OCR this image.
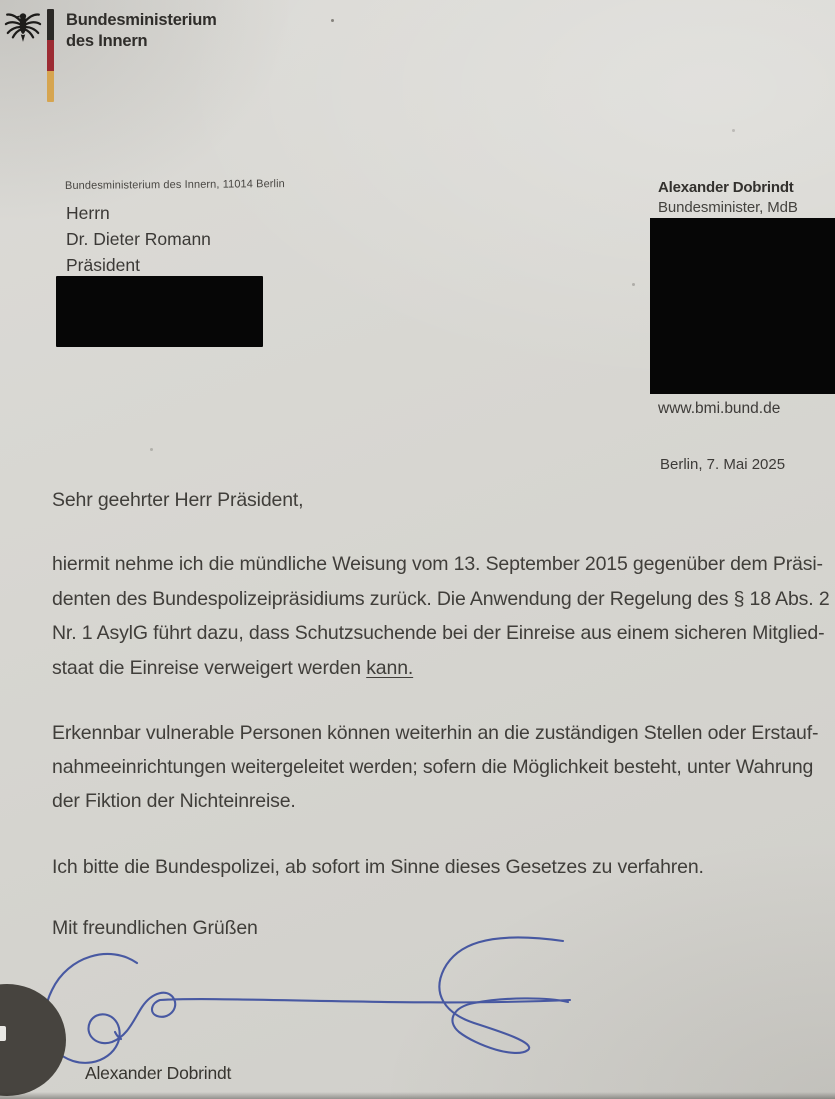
Bundesministerium
des Innern
Bundesministerium des Innern, 11014 Berlin
Herrn
Dr. Dieter Romann
Präsident
Alexander Dobrindt
Bundesminister, MdB
www.bmi.bund.de
Berlin, 7. Mai 2025
Sehr geehrter Herr Präsident,
hiermit nehme ich die mündliche Weisung vom 13. September 2015 gegenüber dem Präsi-
denten des Bundespolizeipräsidiums zurück. Die Anwendung der Regelung des § 18 Abs. 2
Nr. 1 AsylG führt dazu, dass Schutzsuchende bei der Einreise aus einem sicheren Mitglied-
staat die Einreise verweigert werden kann.
Erkennbar vulnerable Personen können weiterhin an die zuständigen Stellen oder Erstauf-
nahmeeinrichtungen weitergeleitet werden; sofern die Möglichkeit besteht, unter Wahrung
der Fiktion der Nichteinreise.
Ich bitte die Bundespolizei, ab sofort im Sinne dieses Gesetzes zu verfahren.
Mit freundlichen Grüßen
Alexander Dobrindt
